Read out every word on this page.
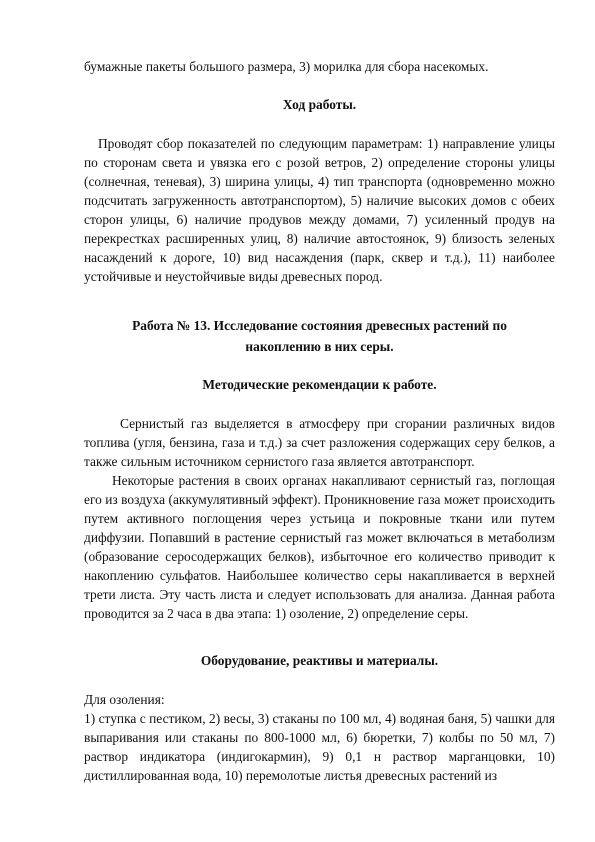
бумажные пакеты большого размера, 3) морилка для сбора насекомых.

Ход работы.

Проводят сбор показателей по следующим параметрам: 1) направление улицы по сторонам света и увязка его с розой ветров, 2) определение стороны улицы (солнечная, теневая), 3) ширина улицы, 4) тип транспорта (одновременно можно подсчитать загруженность автотранспортом), 5) наличие высоких домов с обеих сторон улицы, 6) наличие продувов между домами, 7) усиленный продув на перекрестках расширенных улиц, 8) наличие автостоянок, 9) близость зеленых насаждений к дороге, 10) вид насаждения (парк, сквер и т.д.), 11) наиболее устойчивые и неустойчивые виды древесных пород.

Работа № 13. Исследование состояния древесных растений по

накоплению в них серы.

Методические рекомендации к работе.

Сернистый газ выделяется в атмосферу при сгорании различных видов топлива (угля, бензина, газа и т.д.) за счет разложения содержащих серу белков, а также сильным источником сернистого газа является автотранспорт.

Некоторые растения в своих органах накапливают сернистый газ, поглощая его из воздуха (аккумулятивный эффект). Проникновение газа может происходить путем активного поглощения через устьица и покровные ткани или путем диффузии. Попавший в растение сернистый газ может включаться в метаболизм (образование серосодержащих белков), избыточное его количество приводит к накоплению сульфатов. Наибольшее количество серы накапливается в верхней трети листа. Эту часть листа и следует использовать для анализа. Данная работа проводится за 2 часа в два этапа: 1) озоление, 2) определение серы.

Оборудование, реактивы и материалы.

Для озоления:

1) ступка с пестиком, 2) весы, 3) стаканы по 100 мл, 4) водяная баня, 5) чашки для выпаривания или стаканы по 800-1000 мл, 6) бюретки, 7) колбы по 50 мл, 7) раствор индикатора (индигокармин), 9) 0,1 н раствор марганцовки, 10) дистиллированная вода, 10) перемолотые листья древесных растений из
